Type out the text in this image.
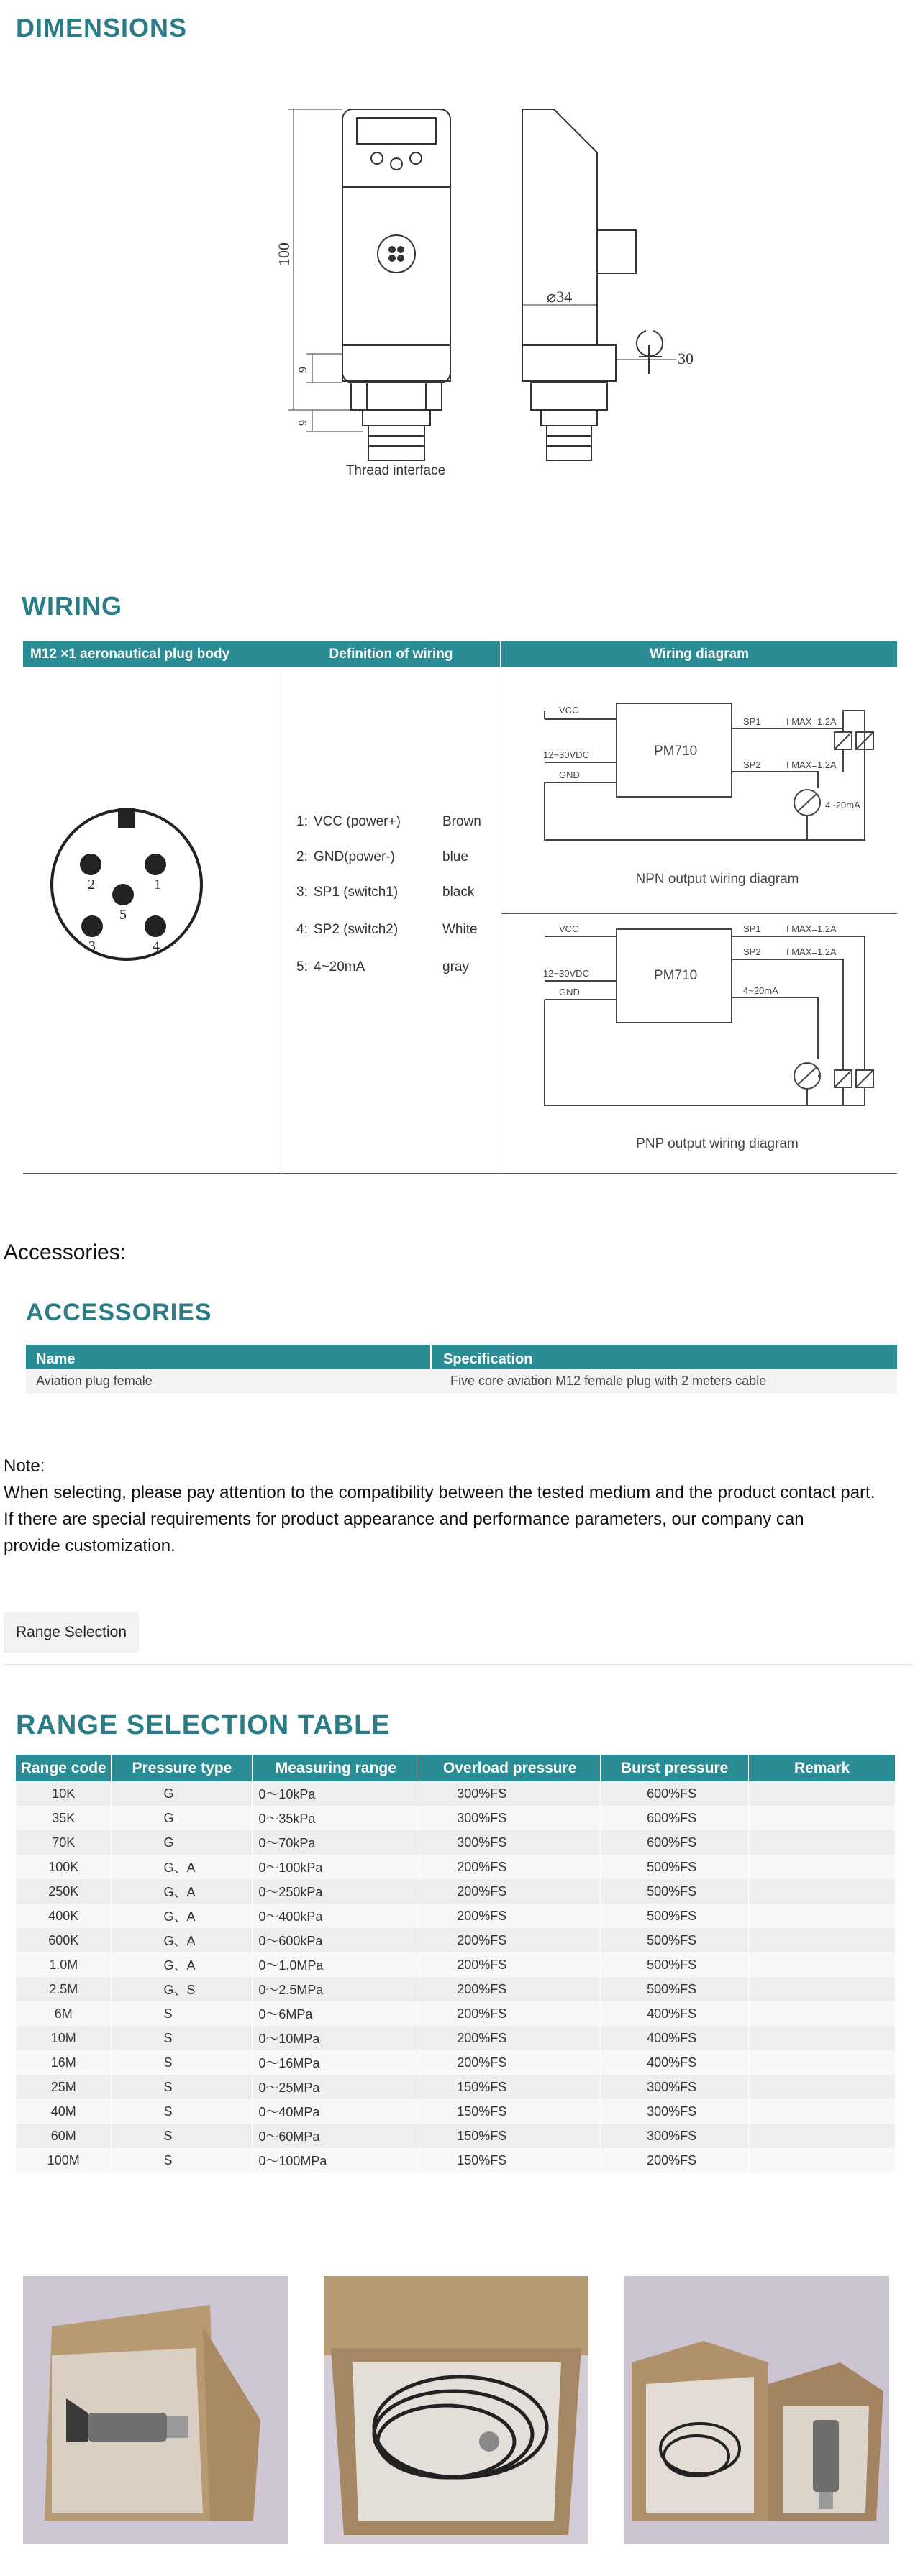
DIMENSIONS
100
9
9
⌀34
30
Thread interface
WIRING
M12 ×1 aeronautical plug body	Definition of wiring	Wiring diagram
2	1
5
3	4
1: VCC (power+)	Brown
2: GND(power-)	blue
3: SP1 (switch1)	black
4: SP2 (switch2)	White
5: 4~20mA	gray
VCC
12~30VDC
GND
PM710
SP1
SP2
I MAX=1.2A
I MAX=1.2A
4~20mA
NPN output wiring diagram
VCC
12~30VDC
GND
PM710
SP1
SP2
I MAX=1.2A
I MAX=1.2A
4~20mA
PNP output wiring diagram
Accessories:
ACCESSORIES
Name	Specification
Aviation plug female	Five core aviation M12 female plug with 2 meters cable
Note:
When selecting, please pay attention to the compatibility between the tested medium and the product contact part.
If there are special requirements for product appearance and performance parameters, our company can
provide customization.
Range Selection
RANGE SELECTION TABLE
Range code	Pressure type	Measuring range	Overload pressure	Burst pressure	Remark
10K	G	0～10kPa	300%FS	600%FS	
35K	G	0～35kPa	300%FS	600%FS	
70K	G	0～70kPa	300%FS	600%FS	
100K	G、A	0～100kPa	200%FS	500%FS	
250K	G、A	0～250kPa	200%FS	500%FS	
400K	G、A	0～400kPa	200%FS	500%FS	
600K	G、A	0～600kPa	200%FS	500%FS	
1.0M	G、A	0～1.0MPa	200%FS	500%FS	
2.5M	G、S	0～2.5MPa	200%FS	500%FS	
6M	S	0～6MPa	200%FS	400%FS	
10M	S	0～10MPa	200%FS	400%FS	
16M	S	0～16MPa	200%FS	400%FS	
25M	S	0～25MPa	150%FS	300%FS	
40M	S	0～40MPa	150%FS	300%FS	
60M	S	0～60MPa	150%FS	300%FS	
100M	S	0～100MPa	150%FS	200%FS	
